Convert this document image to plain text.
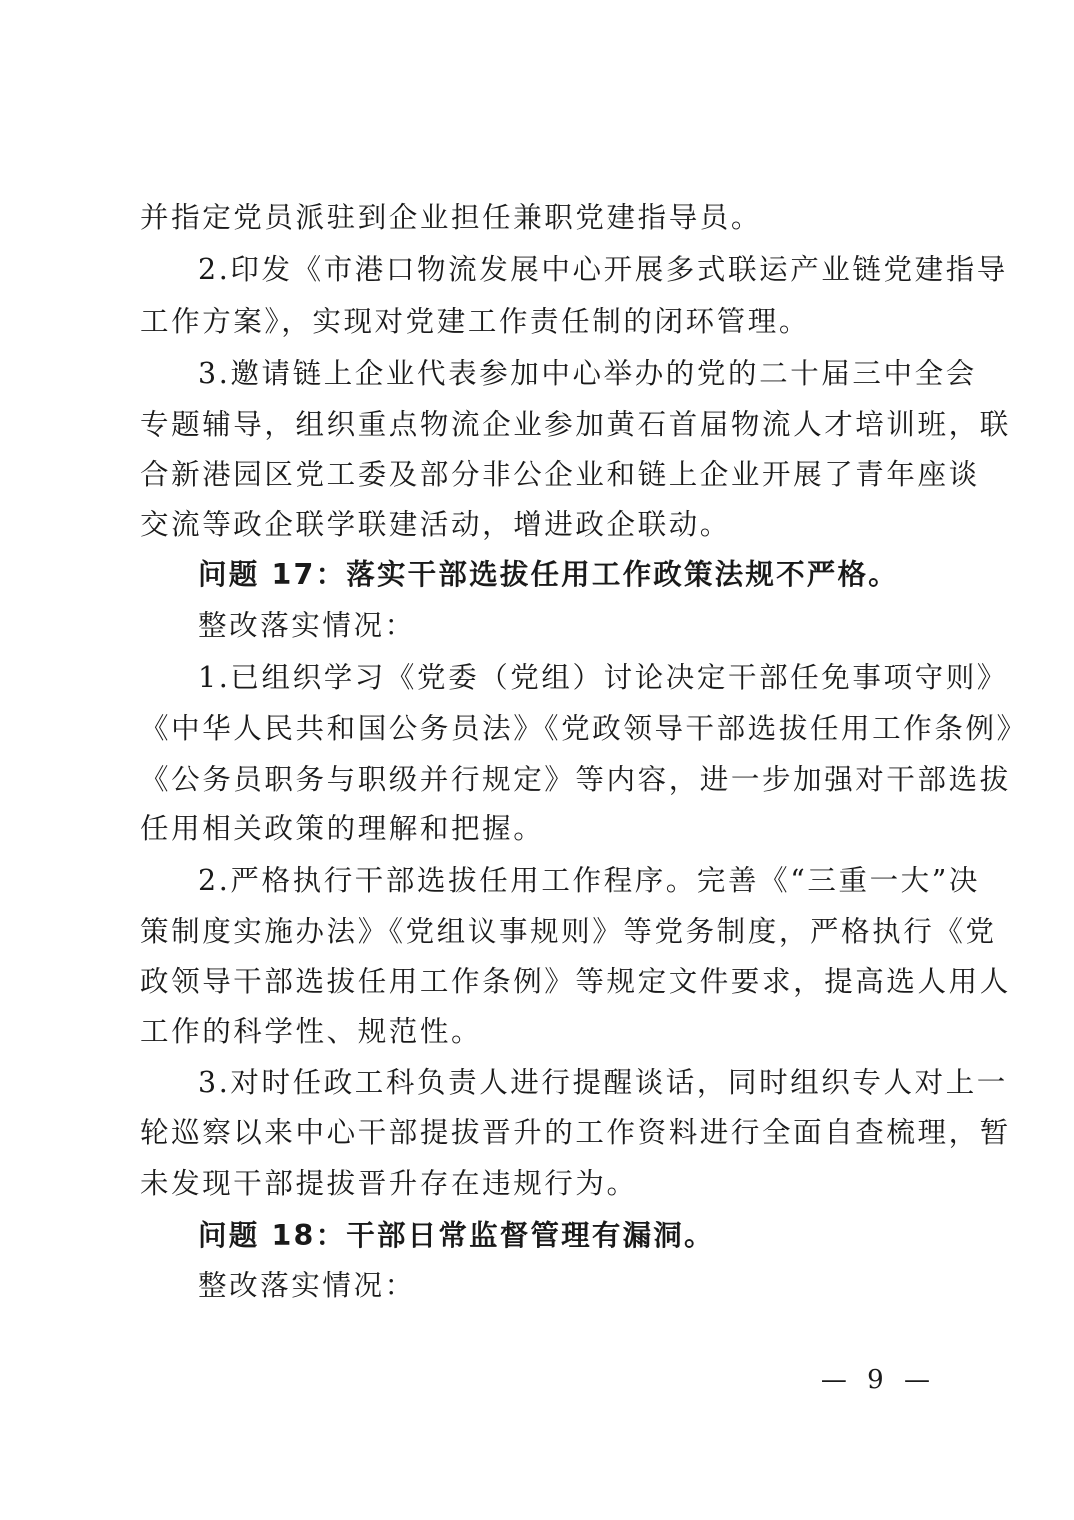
并指定党员派驻到企业担任兼职党建指导员。
2.印发《市港口物流发展中心开展多式联运产业链党建指导
工作方案》，实现对党建工作责任制的闭环管理。
3.邀请链上企业代表参加中心举办的党的二十届三中全会
专题辅导，组织重点物流企业参加黄石首届物流人才培训班，联
合新港园区党工委及部分非公企业和链上企业开展了青年座谈
交流等政企联学联建活动，增进政企联动。
问题 17：落实干部选拔任用工作政策法规不严格。
整改落实情况：
1.已组织学习《党委（党组）讨论决定干部任免事项守则》
《中华人民共和国公务员法》《党政领导干部选拔任用工作条例》
《公务员职务与职级并行规定》等内容，进一步加强对干部选拔
任用相关政策的理解和把握。
2.严格执行干部选拔任用工作程序。完善《“三重一大”决
策制度实施办法》《党组议事规则》等党务制度，严格执行《党
政领导干部选拔任用工作条例》等规定文件要求，提高选人用人
工作的科学性、规范性。
3.对时任政工科负责人进行提醒谈话，同时组织专人对上一
轮巡察以来中心干部提拔晋升的工作资料进行全面自查梳理，暂
未发现干部提拔晋升存在违规行为。
问题 18：干部日常监督管理有漏洞。
整改落实情况：
— 9 —
